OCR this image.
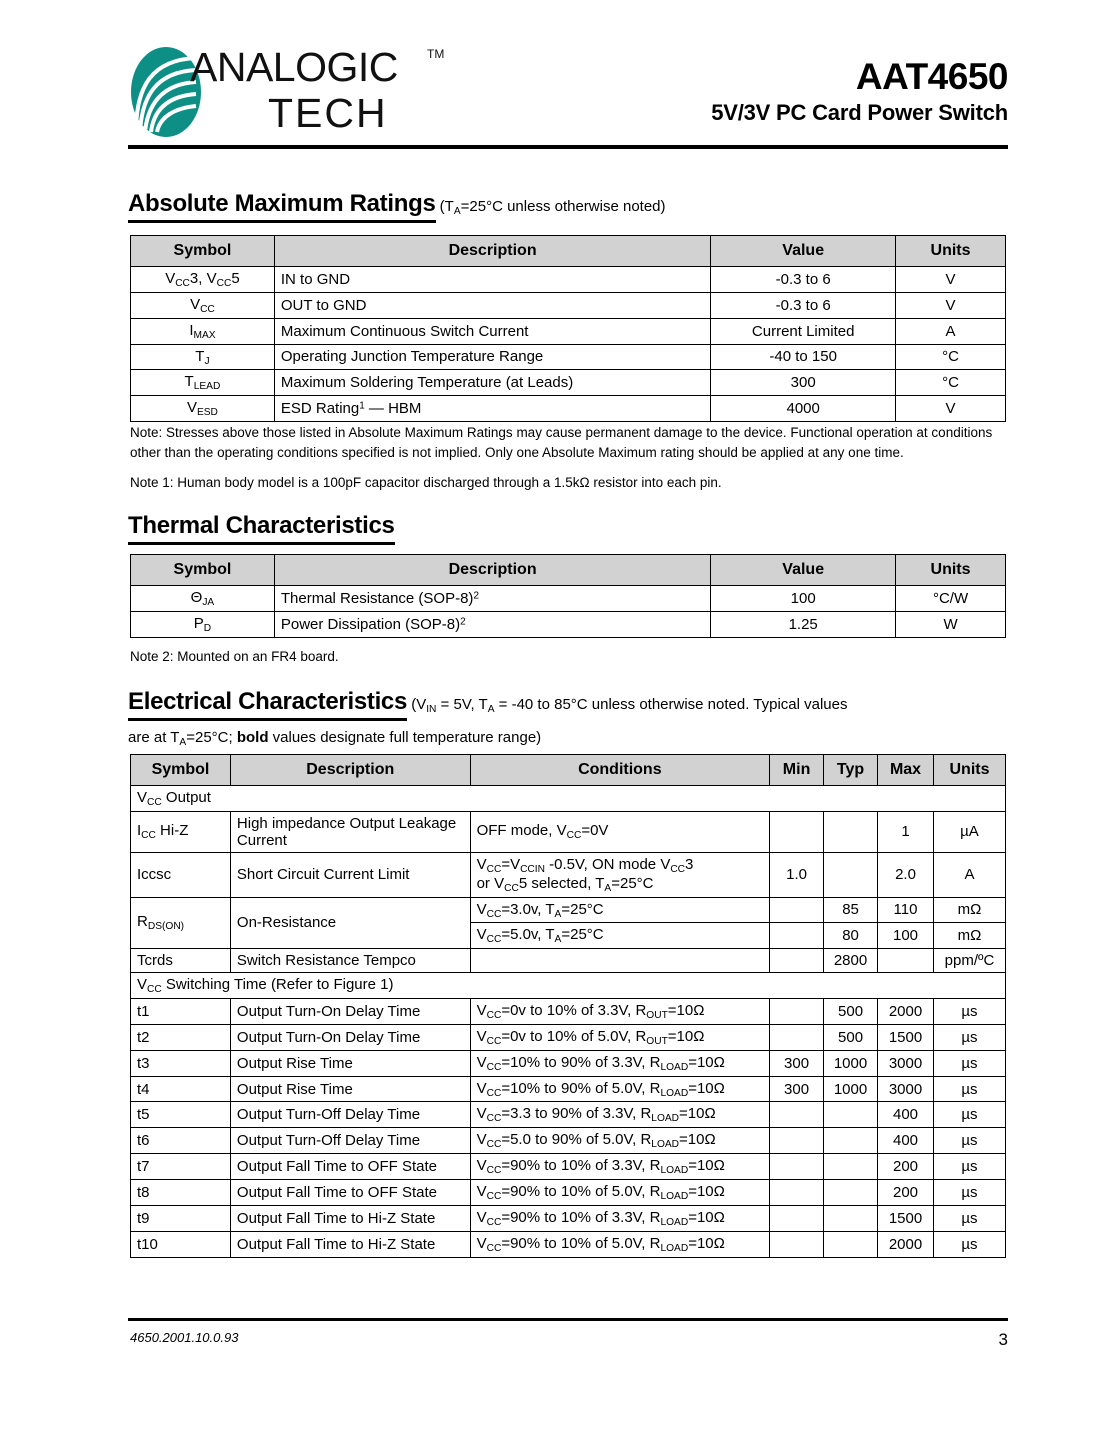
ANALOGIC TM
TECH
AAT4650
5V/3V PC Card Power Switch
Absolute Maximum Ratings ($T_A=25^\circ C$ unless otherwise noted)
Symbol	Description	Value	Units
$V_{CC}3$, $V_{CC}5$	IN to GND	-0.3 to 6	V
$V_{CC}$	OUT to GND	-0.3 to 6	V
$I_{MAX}$	Maximum Continuous Switch Current	Current Limited	A
$T_J$	Operating Junction Temperature Range	-40 to 150	°C
$T_{LEAD}$	Maximum Soldering Temperature (at Leads)	300	°C
$V_{ESD}$	ESD Rating$^1$ — HBM	4000	V
Note: Stresses above those listed in Absolute Maximum Ratings may cause permanent damage to the device. Functional operation at conditions other than the operating conditions specified is not implied. Only one Absolute Maximum rating should be applied at any one time.
Note 1: Human body model is a 100pF capacitor discharged through a 1.5kΩ resistor into each pin.
Thermal Characteristics
Symbol	Description	Value	Units
$\Theta_{JA}$	Thermal Resistance $(SOP-8)^2$	100	°C/W
$P_D$	Power Dissipation $(SOP-8)^2$	1.25	W
Note 2: Mounted on an FR4 board.
Electrical Characteristics ($V_{IN} = 5V$, $T_A = -40$ to 85°C unless otherwise noted. Typical values
are at $T_A=25^\circ C$; bold values designate full temperature range)
Symbol	Description	Conditions	Min	Typ	Max	Units
$V_{CC}$ Output						
$I_{CC}$ Hi-Z	High impedance Output Leakage Current	OFF mode, $V_{CC}=0V$			1	µA
Iccsc	Short Circuit Current Limit	$V_{CC}=V_{CCIN}$ -0.5V, ON mode $V_{CC}3$
or $V_{CC}5$ selected, $T_A=25^\circ C$	1.0		2.0	A
$R_{DS(ON)}$	On-Resistance	$V_{CC}=3.0v$, $T_A=25^\circ C$		85	110	mΩ
		$V_{CC}=5.0v$, $T_A=25^\circ C$		80	100	mΩ
Tcrds	Switch Resistance Tempco			2800		ppm/ºC
$V_{CC}$ Switching Time (Refer to Figure 1)						
t1	Output Turn-On Delay Time	$V_{CC}=0v$ to 10% of 3.3V, $R_{OUT}=10\Omega$		500	2000	µs
t2	Output Turn-On Delay Time	$V_{CC}=0v$ to 10% of 5.0V, $R_{OUT}=10\Omega$		500	1500	µs
t3	Output Rise Time	$V_{CC}=10\%$ to 90% of 3.3V, $R_{LOAD}=10\Omega$	300	1000	3000	µs
t4	Output Rise Time	$V_{CC}=10\%$ to 90% of 5.0V, $R_{LOAD}=10\Omega$	300	1000	3000	µs
t5	Output Turn-Off Delay Time	$V_{CC}=3.3$ to 90% of 3.3V, $R_{LOAD}=10\Omega$			400	µs
t6	Output Turn-Off Delay Time	$V_{CC}=5.0$ to 90% of 5.0V, $R_{LOAD}=10\Omega$			400	µs
t7	Output Fall Time to OFF State	$V_{CC}=90\%$ to 10% of 3.3V, $R_{LOAD}=10\Omega$			200	µs
t8	Output Fall Time to OFF State	$V_{CC}=90\%$ to 10% of 5.0V, $R_{LOAD}=10\Omega$			200	µs
t9	Output Fall Time to Hi-Z State	$V_{CC}=90\%$ to 10% of 3.3V, $R_{LOAD}=10\Omega$			1500	µs
t10	Output Fall Time to Hi-Z State	$V_{CC}=90\%$ to 10% of 5.0V, $R_{LOAD}=10\Omega$			2000	µs
4650.2001.10.0.93	3
